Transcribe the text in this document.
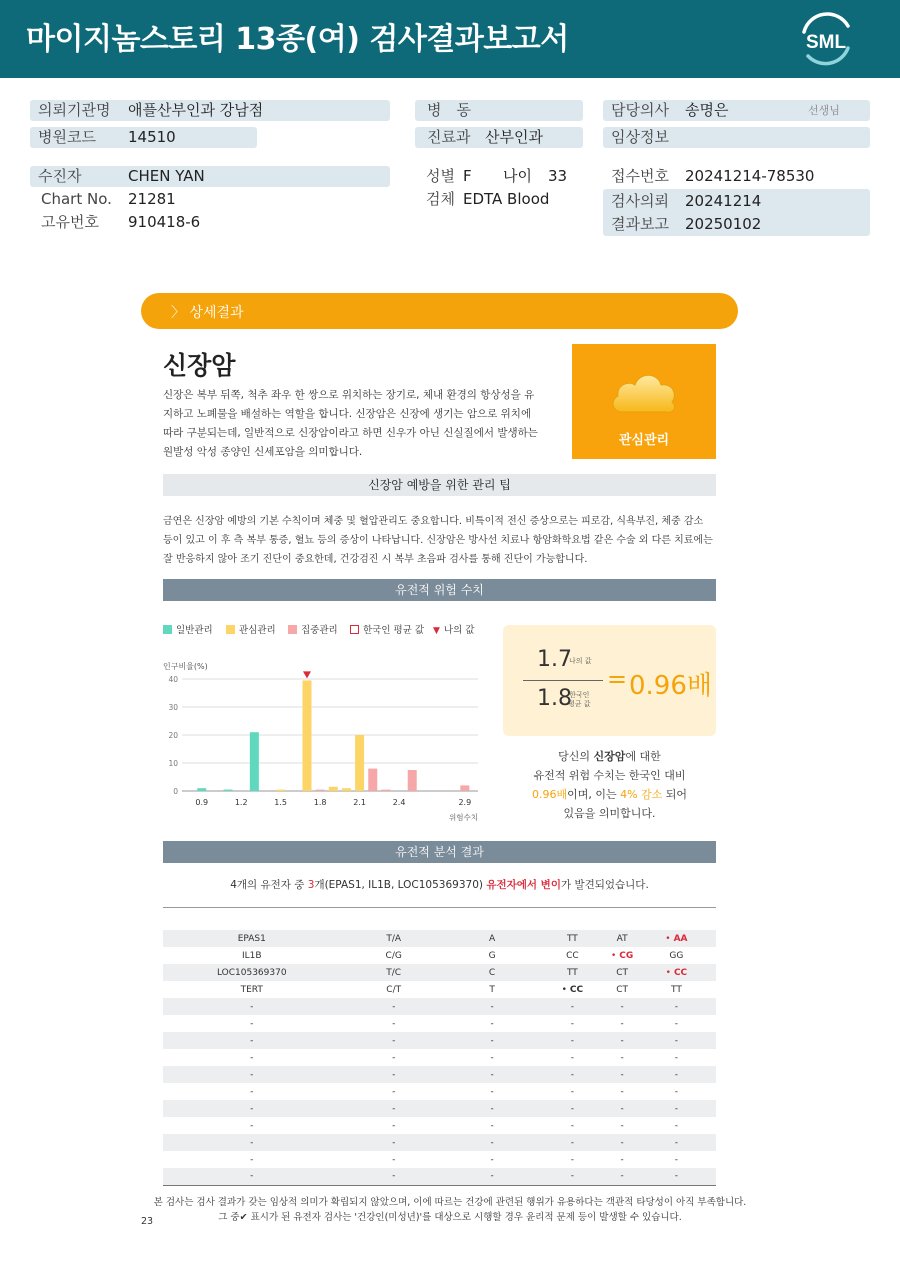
마이지놈스토리 13종(여) 검사결과보고서	SML
의뢰기관명 애플산부인과 강남점
병원코드 14510
병　동
진료과 산부인과
담당의사 송명은	선생님
임상정보
수진자	CHEN YAN
Chart No. 21281
고유번호 910418-6
성별 F 나이 33
검체 EDTA Blood
접수번호 20241214-78530
검사의뢰 20241214
결과보고 20250102
〉 상세결과
신장암
신장은 복부 뒤쪽, 척추 좌우 한 쌍으로 위치하는 장기로, 체내 환경의 항상성을 유지하고 노폐물을 배설하는 역할을 합니다. 신장암은 신장에 생기는 암으로 위치에 따라 구분되는데, 일반적으로 신장암이라고 하면 신우가 아닌 신실질에서 발생하는 원발성 악성 종양인 신세포암을 의미합니다.
관심관리
신장암 예방을 위한 관리 팁
금연은 신장암 예방의 기본 수칙이며 체중 및 혈압관리도 중요합니다. 비특이적 전신 증상으로는 피로감, 식욕부진, 체중 감소 등이 있고 이 후 측 복부 통증, 혈뇨 등의 증상이 나타납니다. 신장암은 방사선 치료나 항암화학요법 같은 수술 외 다른 치료에는 잘 반응하지 않아 조기 진단이 중요한데, 건강검진 시 복부 초음파 검사를 통해 진단이 가능합니다.
유전적 위험 수치
일반관리	관심관리	집중관리	한국인 평균 값 ▼ 나의 값
인구비율(%)
위험수치
0
10
20
30
40
0.9	1.2	1.5	1.8	2.1	2.4	2.9
1.7
나의 값
1.8
한국인
평균 값
= 0.96배
당신의 신장암에 대한
유전적 위험 수치는 한국인 대비
0.96배이며, 이는 4% 감소 되어
있음을 의미합니다.
유전적 분석 결과
4개의 유전자 중 3개(EPAS1, IL1B, LOC105369370) 유전자에서 변이가 발견되었습니다.
EPAS1	T/A	A	TT	AT	• AA
IL1B	C/G	G	CC	• CG	GG
LOC105369370	T/C	C	TT	CT	• CC
TERT	C/T	T	• CC	CT	TT
-	-	-	-	-	-
-	-	-	-	-	-
-	-	-	-	-	-
-	-	-	-	-	-
-	-	-	-	-	-
-	-	-	-	-	-
-	-	-	-	-	-
-	-	-	-	-	-
-	-	-	-	-	-
-	-	-	-	-	-
-	-	-	-	-	-
본 검사는 검사 결과가 갖는 임상적 의미가 확립되지 않았으며, 이에 따르는 건강에 관련된 행위가 유용하다는 객관적 타당성이 아직 부족합니다.
그 중✔ 표시가 된 유전자 검사는 '건강인(미성년)'를 대상으로 시행할 경우 윤리적 문제 등이 발생할 수 있습니다.
23
